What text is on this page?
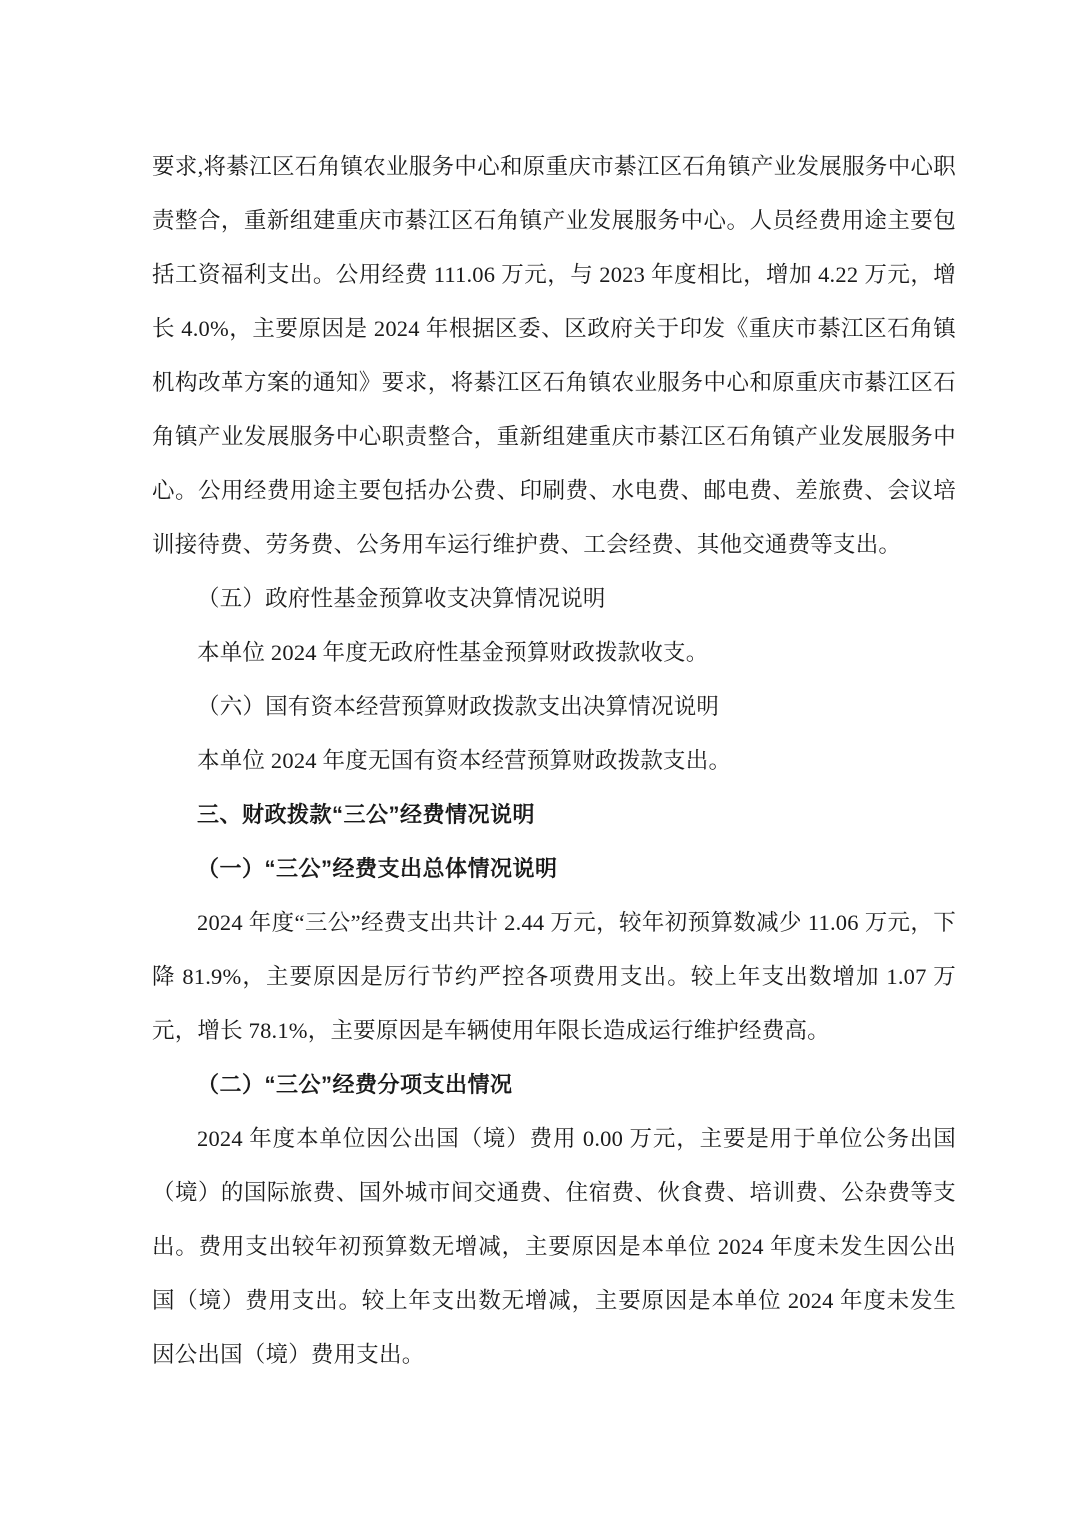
要求,将綦江区石角镇农业服务中心和原重庆市綦江区石角镇产业发展服务中心职责整合，重新组建重庆市綦江区石角镇产业发展服务中心。人员经费用途主要包括工资福利支出。公用经费 111.06 万元，与 2023 年度相比，增加 4.22 万元，增长 4.0%，主要原因是 2024 年根据区委、区政府关于印发《重庆市綦江区石角镇机构改革方案的通知》要求，将綦江区石角镇农业服务中心和原重庆市綦江区石角镇产业发展服务中心职责整合，重新组建重庆市綦江区石角镇产业发展服务中心。公用经费用途主要包括办公费、印刷费、水电费、邮电费、差旅费、会议培训接待费、劳务费、公务用车运行维护费、工会经费、其他交通费等支出。

（五）政府性基金预算收支决算情况说明

本单位 2024 年度无政府性基金预算财政拨款收支。

（六）国有资本经营预算财政拨款支出决算情况说明

本单位 2024 年度无国有资本经营预算财政拨款支出。

三、财政拨款“三公”经费情况说明

（一）“三公”经费支出总体情况说明

2024 年度“三公”经费支出共计 2.44 万元，较年初预算数减少 11.06 万元，下降 81.9%，主要原因是厉行节约严控各项费用支出。较上年支出数增加 1.07 万元，增长 78.1%，主要原因是车辆使用年限长造成运行维护经费高。

（二）“三公”经费分项支出情况

2024 年度本单位因公出国（境）费用 0.00 万元，主要是用于单位公务出国（境）的国际旅费、国外城市间交通费、住宿费、伙食费、培训费、公杂费等支出。费用支出较年初预算数无增减，主要原因是本单位 2024 年度未发生因公出国（境）费用支出。较上年支出数无增减，主要原因是本单位 2024 年度未发生因公出国（境）费用支出。
